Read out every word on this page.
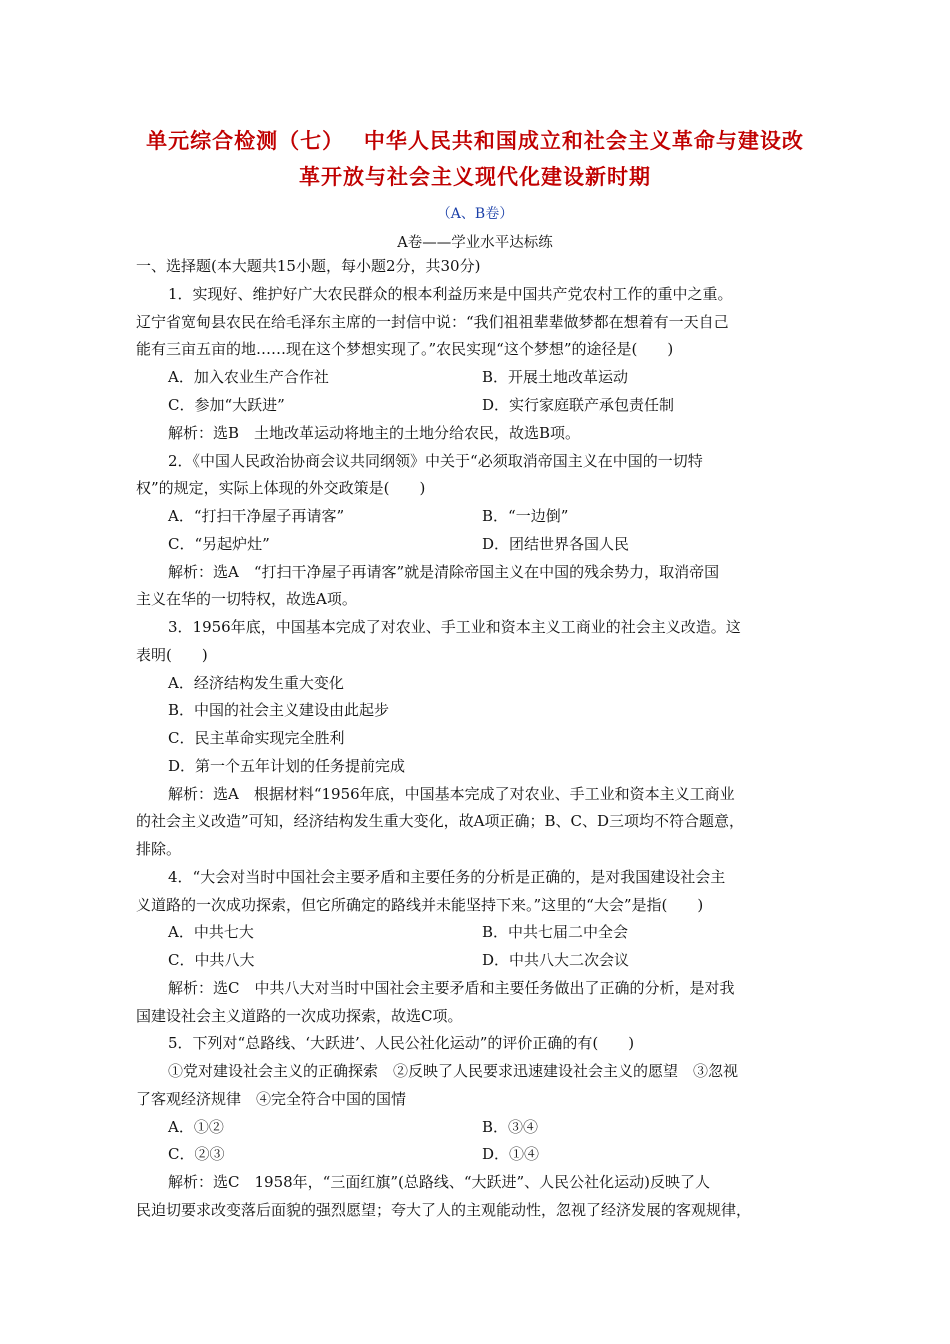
单元综合检测（七）　 中华人民共和国成立和社会主义革命与建设改
革开放与社会主义现代化建设新时期
（A、B卷）
A卷——学业水平达标练
一、选择题(本大题共15小题，每小题2分，共30分)
1．实现好、维护好广大农民群众的根本利益历来是中国共产党农村工作的重中之重。
辽宁省宽甸县农民在给毛泽东主席的一封信中说：“我们祖祖辈辈做梦都在想着有一天自己
能有三亩五亩的地……现在这个梦想实现了。”农民实现“这个梦想”的途径是(　　)
A．加入农业生产合作社	B．开展土地改革运动
C．参加“大跃进”	D．实行家庭联产承包责任制
解析：选B　土地改革运动将地主的土地分给农民，故选B项。
2．《中国人民政治协商会议共同纲领》中关于“必须取消帝国主义在中国的一切特
权”的规定，实际上体现的外交政策是(　　)
A．“打扫干净屋子再请客”	B．“一边倒”
C．“另起炉灶”	D．团结世界各国人民
解析：选A　“打扫干净屋子再请客”就是清除帝国主义在中国的残余势力，取消帝国
主义在华的一切特权，故选A项。
3．1956年底，中国基本完成了对农业、手工业和资本主义工商业的社会主义改造。这
表明(　　)
A．经济结构发生重大变化
B．中国的社会主义建设由此起步
C．民主革命实现完全胜利
D．第一个五年计划的任务提前完成
解析：选A　根据材料“1956年底，中国基本完成了对农业、手工业和资本主义工商业
的社会主义改造”可知，经济结构发生重大变化，故A项正确；B、C、D三项均不符合题意，
排除。
4．“大会对当时中国社会主要矛盾和主要任务的分析是正确的，是对我国建设社会主
义道路的一次成功探索，但它所确定的路线并未能坚持下来。”这里的“大会”是指(　　)
A．中共七大	B．中共七届二中全会
C．中共八大	D．中共八大二次会议
解析：选C　中共八大对当时中国社会主要矛盾和主要任务做出了正确的分析，是对我
国建设社会主义道路的一次成功探索，故选C项。
5．下列对“总路线、‘大跃进’、人民公社化运动”的评价正确的有(　　)
①党对建设社会主义的正确探索　②反映了人民要求迅速建设社会主义的愿望　③忽视
了客观经济规律　④完全符合中国的国情
A．①②	B．③④
C．②③	D．①④
解析：选C　1958年，“三面红旗”(总路线、“大跃进”、人民公社化运动)反映了人
民迫切要求改变落后面貌的强烈愿望；夸大了人的主观能动性，忽视了经济发展的客观规律，
